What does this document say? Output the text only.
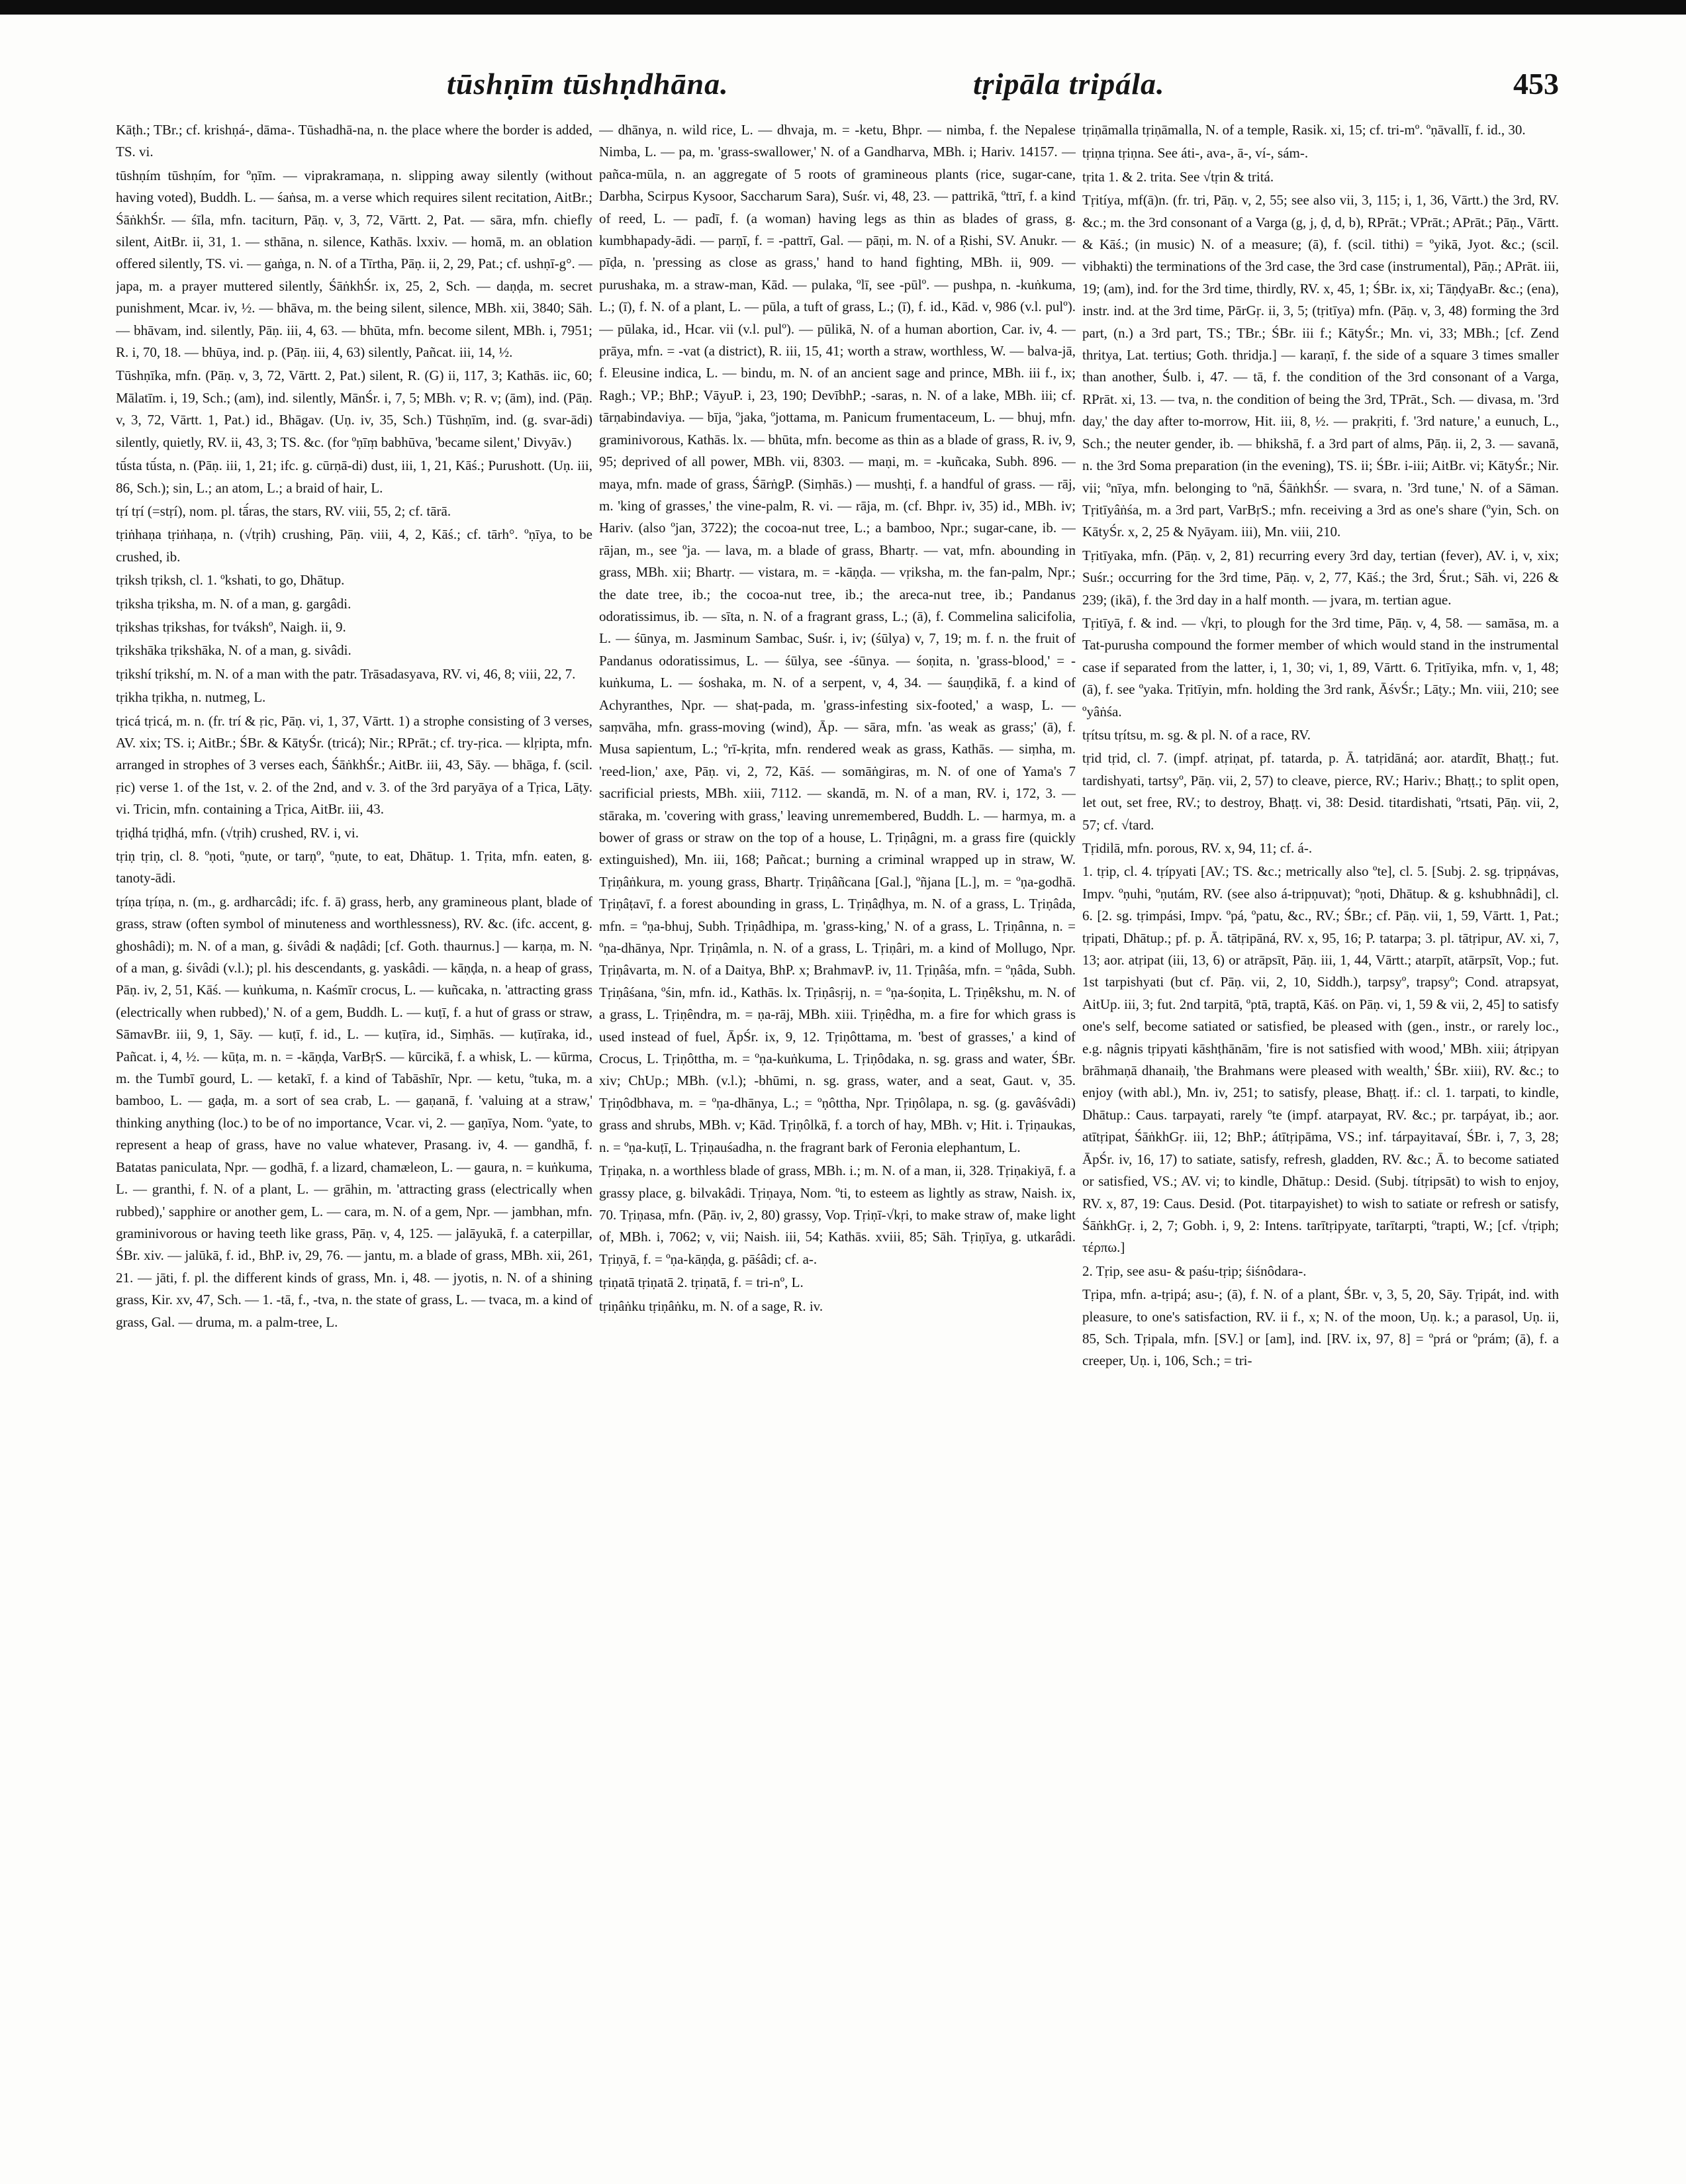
tūshṇīm tūshṇdhāna.	tṛipāla tripála.	453

Kāṭh.; TBr.; cf. krishṇá-, dāma-. Tūshadhā-na, n. the place where the border is added, TS. vi.

tūshṇím tūshṇím, for ºṇīm. — viprakramaṇa, n. slipping away silently (without having voted), Buddh. L. — śaṅsa, m. a verse which requires silent recitation, AitBr.; ŚāṅkhŚr. — śīla, mfn. taciturn, Pāṇ. v, 3, 72, Vārtt. 2, Pat. — sāra, mfn. chiefly silent, AitBr. ii, 31, 1. — sthāna, n. silence, Kathās. lxxiv. — homā, m. an oblation offered silently, TS. vi. — gaṅga, n. N. of a Tīrtha, Pāṇ. ii, 2, 29, Pat.; cf. ushṇī-g°. — japa, m. a prayer muttered silently, ŚāṅkhŚr. ix, 25, 2, Sch. — daṇḍa, m. secret punishment, Mcar. iv, ½. — bhāva, m. the being silent, silence, MBh. xii, 3840; Sāh. — bhāvam, ind. silently, Pāṇ. iii, 4, 63. — bhūta, mfn. become silent, MBh. i, 7951; R. i, 70, 18. — bhūya, ind. p. (Pāṇ. iii, 4, 63) silently, Pañcat. iii, 14, ½.

Tūshṇīka, mfn. (Pāṇ. v, 3, 72, Vārtt. 2, Pat.) silent, R. (G) ii, 117, 3; Kathās. iic, 60; Mālatīm. i, 19, Sch.; (am), ind. silently, MānŚr. i, 7, 5; MBh. v; R. v; (ām), ind. (Pāṇ. v, 3, 72, Vārtt. 1, Pat.) id., Bhāgav. (Uṇ. iv, 35, Sch.) Tūshṇīm, ind. (g. svar-ādi) silently, quietly, RV. ii, 43, 3; TS. &c. (for ºṇīṃ babhūva, 'became silent,' Divyāv.)

tū́sta tū́sta, n. (Pāṇ. iii, 1, 21; ifc. g. cūrṇā-di) dust, iii, 1, 21, Kāś.; Purushott. (Uṇ. iii, 86, Sch.); sin, L.; an atom, L.; a braid of hair, L.

tṛí tṛí (=stṛí), nom. pl. tā́ras, the stars, RV. viii, 55, 2; cf. tārā.

tṛiṅhaṇa tṛiṅhaṇa, n. (√tṛih) crushing, Pāṇ. viii, 4, 2, Kāś.; cf. tārh°. ºṇīya, to be crushed, ib.

tṛiksh tṛiksh, cl. 1. ºkshati, to go, Dhātup.

tṛiksha tṛiksha, m. N. of a man, g. gargâdi.

tṛikshas tṛikshas, for tvákshº, Naigh. ii, 9.

tṛikshāka tṛikshāka, N. of a man, g. sivâdi.

tṛikshí tṛikshí, m. N. of a man with the patr. Trāsadasyava, RV. vi, 46, 8; viii, 22, 7.

tṛikha tṛikha, n. nutmeg, L.

tṛicá tṛicá, m. n. (fr. trí & ṛic, Pāṇ. vi, 1, 37, Vārtt. 1) a strophe consisting of 3 verses, AV. xix; TS. i; AitBr.; ŚBr. & KātyŚr. (tricá); Nir.; RPrāt.; cf. try-ṛica. — klṛipta, mfn. arranged in strophes of 3 verses each, ŚāṅkhŚr.; AitBr. iii, 43, Sāy. — bhāga, f. (scil. ṛic) verse 1. of the 1st, v. 2. of the 2nd, and v. 3. of the 3rd paryāya of a Tṛica, Lāṭy. vi. Tricin, mfn. containing a Tṛica, AitBr. iii, 43.

tṛiḍhá tṛiḍhá, mfn. (√tṛih) crushed, RV. i, vi.

tṛiṇ tṛiṇ, cl. 8. ºṇoti, ºṇute, or tarṇº, ºṇute, to eat, Dhātup. 1. Tṛita, mfn. eaten, g. tanoty-ādi.

tṛíṇa tṛíṇa, n. (m., g. ardharcâdi; ifc. f. ā) grass, herb, any gramineous plant, blade of grass, straw (often symbol of minuteness and worthlessness), RV. &c. (ifc. accent, g. ghoshâdi); m. N. of a man, g. śivâdi & naḍâdi; [cf. Goth. thaurnus.] — karṇa, m. N. of a man, g. śivâdi (v.l.); pl. his descendants, g. yaskâdi. — kāṇḍa, n. a heap of grass, Pāṇ. iv, 2, 51, Kāś. — kuṅkuma, n. Kaśmīr crocus, L. — kuñcaka, n. 'attracting grass (electrically when rubbed),' N. of a gem, Buddh. L. — kuṭī, f. a hut of grass or straw, SāmavBr. iii, 9, 1, Sāy. — kuṭī, f. id., L. — kuṭīra, id., Siṃhās. — kuṭīraka, id., Pañcat. i, 4, ½. — kūṭa, m. n. = -kāṇḍa, VarBṛS. — kūrcikā, f. a whisk, L. — kūrma, m. the Tumbī gourd, L. — ketakī, f. a kind of Tabāshīr, Npr. — ketu, ºtuka, m. a bamboo, L. — gaḍa, m. a sort of sea crab, L. — gaṇanā, f. 'valuing at a straw,' thinking anything (loc.) to be of no importance, Vcar. vi, 2. — gaṇīya, Nom. ºyate, to represent a heap of grass, have no value whatever, Prasang. iv, 4. — gandhā, f. Batatas paniculata, Npr. — godhā, f. a lizard, chamæleon, L. — gaura, n. = kuṅkuma, L. — granthi, f. N. of a plant, L. — grāhin, m. 'attracting grass (electrically when rubbed),' sapphire or another gem, L. — cara, m. N. of a gem, Npr. — jambhan, mfn. graminivorous or having teeth like grass, Pāṇ. v, 4, 125. — jalāyukā, f. a caterpillar, ŚBr. xiv. — jalūkā, f. id., BhP. iv, 29, 76. — jantu, m. a blade of grass, MBh. xii, 261, 21. — jāti, f. pl. the different kinds of grass, Mn. i, 48. — jyotis, n. N. of a shining grass, Kir. xv, 47, Sch. — 1. -tā, f., -tva, n. the state of grass, L. — tvaca, m. a kind of grass, Gal. — druma, m. a palm-tree, L.

— dhānya, n. wild rice, L. — dhvaja, m. = -ketu, Bhpr. — nimba, f. the Nepalese Nimba, L. — pa, m. 'grass-swallower,' N. of a Gandharva, MBh. i; Hariv. 14157. — pañca-mūla, n. an aggregate of 5 roots of gramineous plants (rice, sugar-cane, Darbha, Scirpus Kysoor, Saccharum Sara), Suśr. vi, 48, 23. — pattrikā, ºttrī, f. a kind of reed, L. — padī, f. (a woman) having legs as thin as blades of grass, g. kumbhapady-ādi. — parṇī, f. = -pattrī, Gal. — pāṇi, m. N. of a Ṛishi, SV. Anukr. — pīḍa, n. 'pressing as close as grass,' hand to hand fighting, MBh. ii, 909. — purushaka, m. a straw-man, Kād. — pulaka, ºlī, see -pūlº. — pushpa, n. -kuṅkuma, L.; (ī), f. N. of a plant, L. — pūla, a tuft of grass, L.; (ī), f. id., Kād. v, 986 (v.l. pulº). — pūlaka, id., Hcar. vii (v.l. pulº). — pūlikā, N. of a human abortion, Car. iv, 4. — prāya, mfn. = -vat (a district), R. iii, 15, 41; worth a straw, worthless, W. — balva-jā, f. Eleusine indica, L. — bindu, m. N. of an ancient sage and prince, MBh. iii f., ix; Ragh.; VP.; BhP.; VāyuP. i, 23, 190; DevībhP.; -saras, n. N. of a lake, MBh. iii; cf. tārṇabindaviya. — bīja, ºjaka, ºjottama, m. Panicum frumentaceum, L. — bhuj, mfn. graminivorous, Kathās. lx. — bhūta, mfn. become as thin as a blade of grass, R. iv, 9, 95; deprived of all power, MBh. vii, 8303. — maṇi, m. = -kuñcaka, Subh. 896. — maya, mfn. made of grass, ŚārṅgP. (Siṃhās.) — mushṭi, f. a handful of grass. — rāj, m. 'king of grasses,' the vine-palm, R. vi. — rāja, m. (cf. Bhpr. iv, 35) id., MBh. iv; Hariv. (also ºjan, 3722); the cocoa-nut tree, L.; a bamboo, Npr.; sugar-cane, ib. — rājan, m., see ºja. — lava, m. a blade of grass, Bhartṛ. — vat, mfn. abounding in grass, MBh. xii; Bhartṛ. — vistara, m. = -kāṇḍa. — vṛiksha, m. the fan-palm, Npr.; the date tree, ib.; the cocoa-nut tree, ib.; the areca-nut tree, ib.; Pandanus odoratissimus, ib. — sīta, n. N. of a fragrant grass, L.; (ā), f. Commelina salicifolia, L. — śūnya, m. Jasminum Sambac, Suśr. i, iv; (śūlya) v, 7, 19; m. f. n. the fruit of Pandanus odoratissimus, L. — śūlya, see -śūnya. — śoṇita, n. 'grass-blood,' = -kuṅkuma, L. — śoshaka, m. N. of a serpent, v, 4, 34. — śauṇḍikā, f. a kind of Achyranthes, Npr. — shaṭ-pada, m. 'grass-infesting six-footed,' a wasp, L. — saṃvāha, mfn. grass-moving (wind), Āp. — sāra, mfn. 'as weak as grass;' (ā), f. Musa sapientum, L.; ºrī-kṛita, mfn. rendered weak as grass, Kathās. — siṃha, m. 'reed-lion,' axe, Pāṇ. vi, 2, 72, Kāś. — somāṅgiras, m. N. of one of Yama's 7 sacrificial priests, MBh. xiii, 7112. — skandā, m. N. of a man, RV. i, 172, 3. — stāraka, m. 'covering with grass,' leaving unremembered, Buddh. L. — harmya, m. a bower of grass or straw on the top of a house, L. Tṛiṇâgni, m. a grass fire (quickly extinguished), Mn. iii, 168; Pañcat.; burning a criminal wrapped up in straw, W. Tṛiṇâṅkura, m. young grass, Bhartṛ. Tṛiṇâñcana [Gal.], ºñjana [L.], m. = ºṇa-godhā. Tṛiṇâṭavī, f. a forest abounding in grass, L. Tṛiṇâḍhya, m. N. of a grass, L. Tṛiṇâda, mfn. = ºṇa-bhuj, Subh. Tṛiṇâdhipa, m. 'grass-king,' N. of a grass, L. Tṛiṇânna, n. = ºṇa-dhānya, Npr. Tṛiṇâmla, n. N. of a grass, L. Tṛiṇâri, m. a kind of Mollugo, Npr. Tṛiṇâvarta, m. N. of a Daitya, BhP. x; BrahmavP. iv, 11. Tṛiṇâśa, mfn. = ºṇâda, Subh. Tṛiṇâśana, ºśin, mfn. id., Kathās. lx. Tṛiṇâsṛij, n. = ºṇa-śoṇita, L. Tṛiṇêkshu, m. N. of a grass, L. Tṛiṇêndra, m. = ṇa-rāj, MBh. xiii. Tṛiṇêdha, m. a fire for which grass is used instead of fuel, ĀpŚr. ix, 9, 12. Tṛiṇôttama, m. 'best of grasses,' a kind of Crocus, L. Tṛiṇôttha, m. = ºṇa-kuṅkuma, L. Tṛiṇôdaka, n. sg. grass and water, ŚBr. xiv; ChUp.; MBh. (v.l.); -bhūmi, n. sg. grass, water, and a seat, Gaut. v, 35. Tṛiṇôdbhava, m. = ºṇa-dhānya, L.; = ºṇôttha, Npr. Tṛiṇôlapa, n. sg. (g. gavâśvâdi) grass and shrubs, MBh. v; Kād. Tṛiṇôlkā, f. a torch of hay, MBh. v; Hit. i. Tṛiṇaukas, n. = ºṇa-kuṭī, L. Tṛiṇauśadha, n. the fragrant bark of Feronia elephantum, L.

Tṛiṇaka, n. a worthless blade of grass, MBh. i.; m. N. of a man, ii, 328. Tṛiṇakiyā, f. a grassy place, g. bilvakâdi. Tṛiṇaya, Nom. ºti, to esteem as lightly as straw, Naish. ix, 70. Tṛiṇasa, mfn. (Pāṇ. iv, 2, 80) grassy, Vop. Tṛiṇī-√kṛi, to make straw of, make light of, MBh. i, 7062; v, vii; Naish. iii, 54; Kathās. xviii, 85; Sāh. Tṛiṇīya, g. utkarâdi. Tṛiṇyā, f. = ºṇa-kāṇḍa, g. pāśâdi; cf. a-.

tṛiṇatā tṛiṇatā 2. tṛiṇatā, f. = tri-nº, L.

tṛiṇâṅku tṛiṇâṅku, m. N. of a sage, R. iv.

tṛiṇāmalla tṛiṇāmalla, N. of a temple, Rasik. xi, 15; cf. tri-mº. ºṇāvallī, f. id., 30.

tṛiṇna tṛiṇna. See áti-, ava-, ā-, ví-, sám-.

tṛita 1. & 2. trita. See √tṛin & tritá.

Tṛitíya, mf(ā)n. (fr. tri, Pāṇ. v, 2, 55; see also vii, 3, 115; i, 1, 36, Vārtt.) the 3rd, RV. &c.; m. the 3rd consonant of a Varga (g, j, ḍ, d, b), RPrāt.; VPrāt.; APrāt.; Pāṇ., Vārtt. & Kāś.; (in music) N. of a measure; (ā), f. (scil. tithi) = ºyikā, Jyot. &c.; (scil. vibhakti) the terminations of the 3rd case, the 3rd case (instrumental), Pāṇ.; APrāt. iii, 19; (am), ind. for the 3rd time, thirdly, RV. x, 45, 1; ŚBr. ix, xi; TāṇḍyaBr. &c.; (ena), instr. ind. at the 3rd time, PārGṛ. ii, 3, 5; (tṛitīya) mfn. (Pāṇ. v, 3, 48) forming the 3rd part, (n.) a 3rd part, TS.; TBr.; ŚBr. iii f.; KātyŚr.; Mn. vi, 33; MBh.; [cf. Zend thritya, Lat. tertius; Goth. thridja.] — karaṇī, f. the side of a square 3 times smaller than another, Śulb. i, 47. — tā, f. the condition of the 3rd consonant of a Varga, RPrāt. xi, 13. — tva, n. the condition of being the 3rd, TPrāt., Sch. — divasa, m. '3rd day,' the day after to-morrow, Hit. iii, 8, ½. — prakṛiti, f. '3rd nature,' a eunuch, L., Sch.; the neuter gender, ib. — bhikshā, f. a 3rd part of alms, Pāṇ. ii, 2, 3. — savanā, n. the 3rd Soma preparation (in the evening), TS. ii; ŚBr. i-iii; AitBr. vi; KātyŚr.; Nir. vii; ºnīya, mfn. belonging to ºnā, ŚāṅkhŚr. — svara, n. '3rd tune,' N. of a Sāman. Tṛitīyâṅśa, m. a 3rd part, VarBṛS.; mfn. receiving a 3rd as one's share (ºyin, Sch. on KātyŚr. x, 2, 25 & Nyāyam. iii), Mn. viii, 210.

Tṛitīyaka, mfn. (Pāṇ. v, 2, 81) recurring every 3rd day, tertian (fever), AV. i, v, xix; Suśr.; occurring for the 3rd time, Pāṇ. v, 2, 77, Kāś.; the 3rd, Śrut.; Sāh. vi, 226 & 239; (ikā), f. the 3rd day in a half month. — jvara, m. tertian ague.

Tṛitīyā, f. & ind. — √kṛi, to plough for the 3rd time, Pāṇ. v, 4, 58. — samāsa, m. a Tat-purusha compound the former member of which would stand in the instrumental case if separated from the latter, i, 1, 30; vi, 1, 89, Vārtt. 6. Tṛitīyika, mfn. v, 1, 48; (ā), f. see ºyaka. Tṛitīyin, mfn. holding the 3rd rank, ĀśvŚr.; Lāṭy.; Mn. viii, 210; see ºyâṅśa.

tṛítsu tṛítsu, m. sg. & pl. N. of a race, RV.

tṛid tṛid, cl. 7. (impf. atṛiṇat, pf. tatarda, p. Ā. tatṛidāná; aor. atardīt, Bhaṭṭ.; fut. tardishyati, tartsyº, Pāṇ. vii, 2, 57) to cleave, pierce, RV.; Hariv.; Bhaṭṭ.; to split open, let out, set free, RV.; to destroy, Bhaṭṭ. vi, 38: Desid. titardishati, ºrtsati, Pāṇ. vii, 2, 57; cf. √tard.

Tṛidilā, mfn. porous, RV. x, 94, 11; cf. á-.

1. tṛip, cl. 4. tṛípyati [AV.; TS. &c.; metrically also ºte], cl. 5. [Subj. 2. sg. tṛipṇávas, Impv. ºṇuhi, ºṇutám, RV. (see also á-tripṇuvat); ºṇoti, Dhātup. & g. kshubhnâdi], cl. 6. [2. sg. tṛimpási, Impv. ºpá, ºpatu, &c., RV.; ŚBr.; cf. Pāṇ. vii, 1, 59, Vārtt. 1, Pat.; tṛipati, Dhātup.; pf. p. Ā. tātṛipāná, RV. x, 95, 16; P. tatarpa; 3. pl. tātṛipur, AV. xi, 7, 13; aor. atṛipat (iii, 13, 6) or atrāpsīt, Pāṇ. iii, 1, 44, Vārtt.; atarpīt, atārpsīt, Vop.; fut. 1st tarpishyati (but cf. Pāṇ. vii, 2, 10, Siddh.), tarpsyº, trapsyº; Cond. atrapsyat, AitUp. iii, 3; fut. 2nd tarpitā, ºptā, traptā, Kāś. on Pāṇ. vi, 1, 59 & vii, 2, 45] to satisfy one's self, become satiated or satisfied, be pleased with (gen., instr., or rarely loc., e.g. nâgnis tṛipyati kāshṭhānām, 'fire is not satisfied with wood,' MBh. xiii; átṛipyan brāhmaṇā dhanaiḥ, 'the Brahmans were pleased with wealth,' ŚBr. xiii), RV. &c.; to enjoy (with abl.), Mn. iv, 251; to satisfy, please, Bhaṭṭ. if.: cl. 1. tarpati, to kindle, Dhātup.: Caus. tarpayati, rarely ºte (impf. atarpayat, RV. &c.; pr. tarpáyat, ib.; aor. atītṛipat, ŚāṅkhGṛ. iii, 12; BhP.; átītṛipāma, VS.; inf. tárpayitavaí, ŚBr. i, 7, 3, 28; ĀpŚr. iv, 16, 17) to satiate, satisfy, refresh, gladden, RV. &c.; Ā. to become satiated or satisfied, VS.; AV. vi; to kindle, Dhātup.: Desid. (Subj. títṛipsāt) to wish to enjoy, RV. x, 87, 19: Caus. Desid. (Pot. titarpayishet) to wish to satiate or refresh or satisfy, ŚāṅkhGṛ. i, 2, 7; Gobh. i, 9, 2: Intens. tarītṛipyate, tarītarpti, ºtrapti, W.; [cf. √tṛiph; τέρπω.]

2. Tṛip, see asu- & paśu-tṛip; śiśnôdara-.

Tṛipa, mfn. a-tṛipá; asu-; (ā), f. N. of a plant, ŚBr. v, 3, 5, 20, Sāy. Tṛipát, ind. with pleasure, to one's satisfaction, RV. ii f., x; N. of the moon, Uṇ. k.; a parasol, Uṇ. ii, 85, Sch. Tṛipala, mfn. [SV.] or [am], ind. [RV. ix, 97, 8] = ºprá or ºprám; (ā), f. a creeper, Uṇ. i, 106, Sch.; = tri-
